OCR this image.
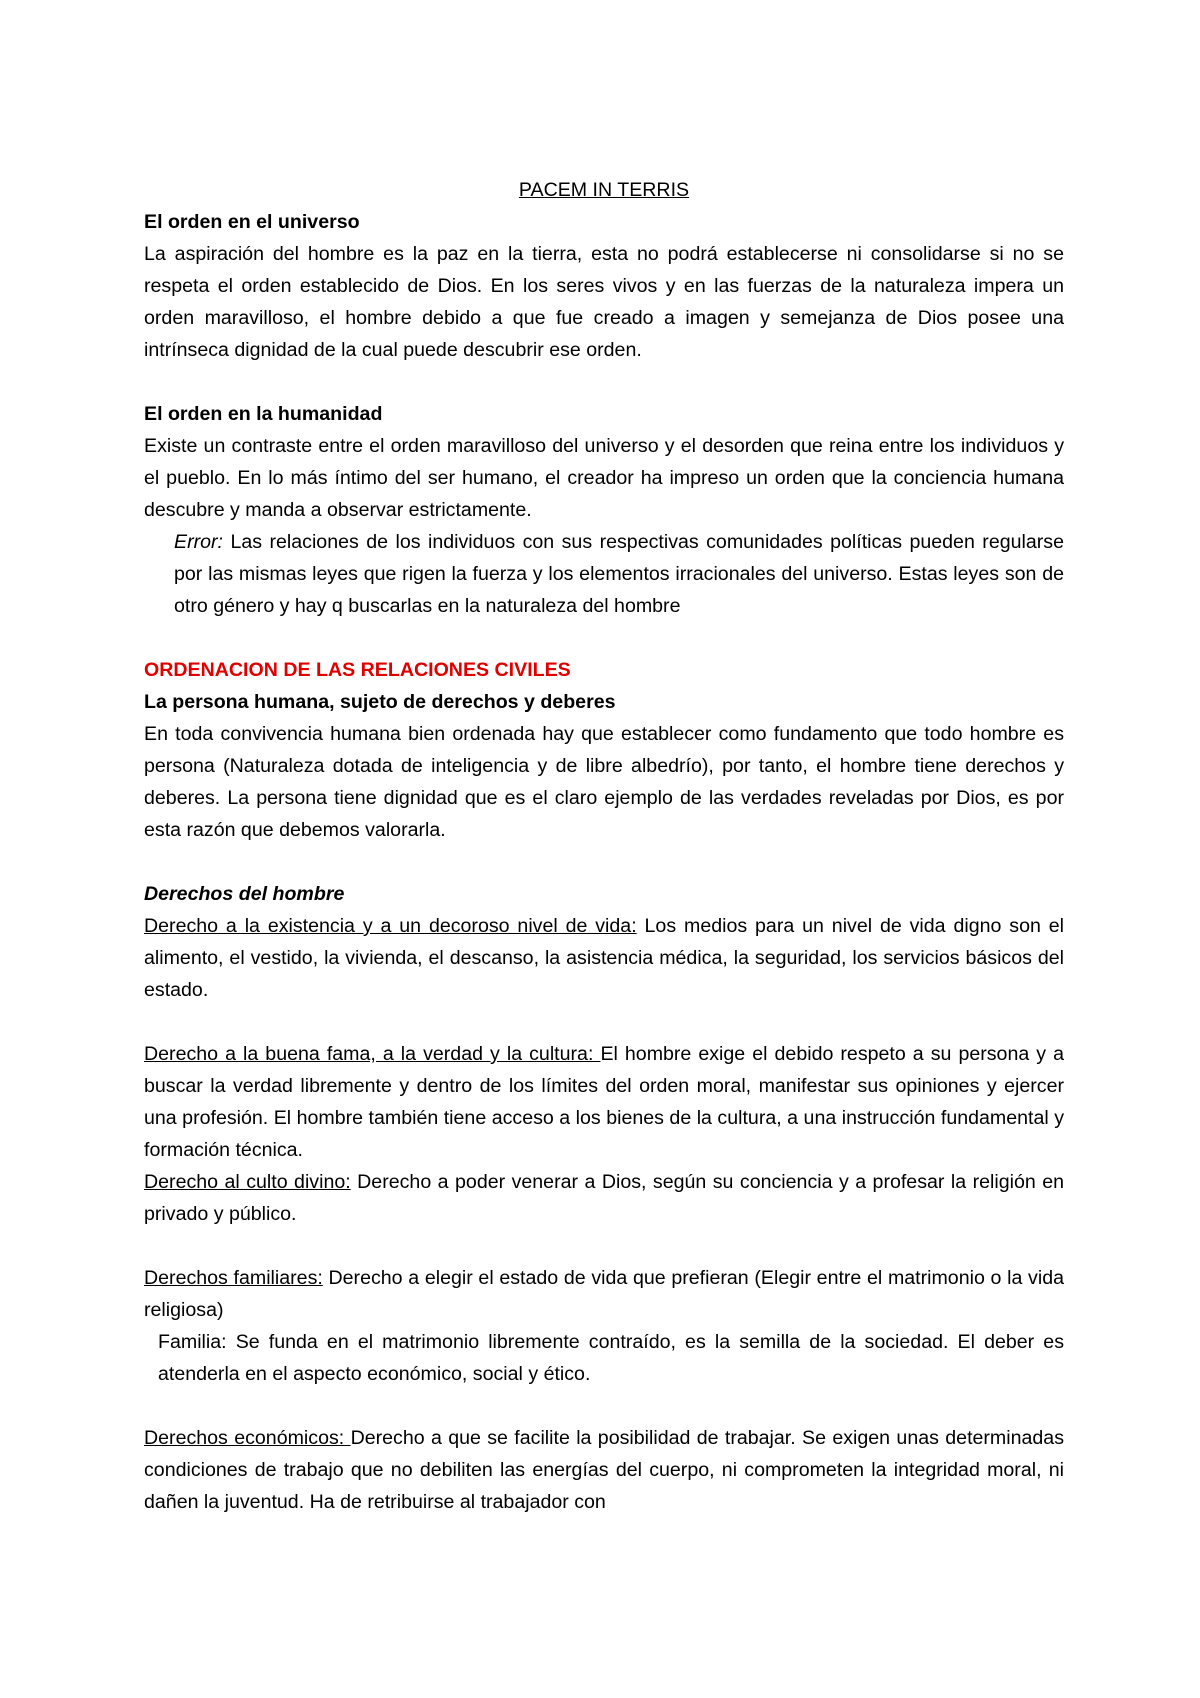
PACEM IN TERRIS

El orden en el universo

La aspiración del hombre es la paz en la tierra, esta no podrá establecerse ni consolidarse si no se respeta el orden establecido de Dios. En los seres vivos y en las fuerzas de la naturaleza impera un orden maravilloso, el hombre debido a que fue creado a imagen y semejanza de Dios posee una intrínseca dignidad de la cual puede descubrir ese orden.

El orden en la humanidad

Existe un contraste entre el orden maravilloso del universo y el desorden que reina entre los individuos y el pueblo. En lo más íntimo del ser humano, el creador ha impreso un orden que la conciencia humana descubre y manda a observar estrictamente.

Error: Las relaciones de los individuos con sus respectivas comunidades políticas pueden regularse por las mismas leyes que rigen la fuerza y los elementos irracionales del universo. Estas leyes son de otro género y hay q buscarlas en la naturaleza del hombre

ORDENACION DE LAS RELACIONES CIVILES

La persona humana, sujeto de derechos y deberes

En toda convivencia humana bien ordenada hay que establecer como fundamento que todo hombre es persona (Naturaleza dotada de inteligencia y de libre albedrío), por tanto, el hombre tiene derechos y deberes. La persona tiene dignidad que es el claro ejemplo de las verdades reveladas por Dios, es por esta razón que debemos valorarla.

Derechos del hombre

Derecho a la existencia y a un decoroso nivel de vida: Los medios para un nivel de vida digno son el alimento, el vestido, la vivienda, el descanso, la asistencia médica, la seguridad, los servicios básicos del estado.

Derecho a la buena fama, a la verdad y la cultura: El hombre exige el debido respeto a su persona y a buscar la verdad libremente y dentro de los límites del orden moral, manifestar sus opiniones y ejercer una profesión. El hombre también tiene acceso a los bienes de la cultura, a una instrucción fundamental y formación técnica.

Derecho al culto divino: Derecho a poder venerar a Dios, según su conciencia y a profesar la religión en privado y público.

Derechos familiares: Derecho a elegir el estado de vida que prefieran (Elegir entre el matrimonio o la vida religiosa)

Familia: Se funda en el matrimonio libremente contraído, es la semilla de la sociedad. El deber es atenderla en el aspecto económico, social y ético.

Derechos económicos: Derecho a que se facilite la posibilidad de trabajar. Se exigen unas determinadas condiciones de trabajo que no debiliten las energías del cuerpo, ni comprometen la integridad moral, ni dañen la juventud. Ha de retribuirse al trabajador con
